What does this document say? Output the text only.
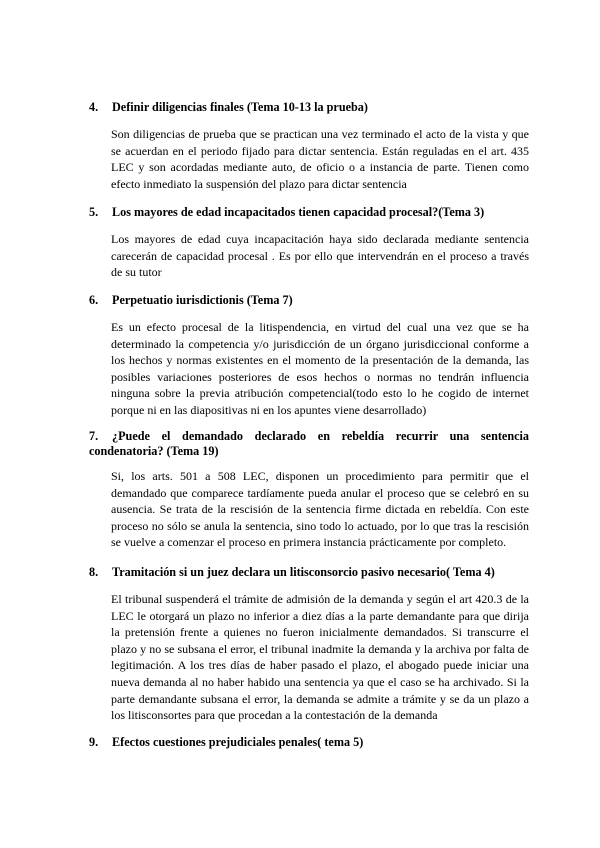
4. Definir diligencias finales (Tema 10-13 la prueba)

Son diligencias de prueba que se practican una vez terminado el acto de la vista y que se acuerdan en el periodo fijado para dictar sentencia. Están reguladas en el art. 435 LEC y son acordadas mediante auto, de oficio o a instancia de parte. Tienen como efecto inmediato la suspensión del plazo para dictar sentencia

5. Los mayores de edad incapacitados tienen capacidad procesal?(Tema 3)

Los mayores de edad cuya incapacitación haya sido declarada mediante sentencia carecerán de capacidad procesal . Es por ello que intervendrán en el proceso a través de su tutor

6. Perpetuatio iurisdictionis (Tema 7)

Es un efecto procesal de la litispendencia, en virtud del cual una vez que se ha determinado la competencia y/o jurisdicción de un órgano jurisdiccional conforme a los hechos y normas existentes en el momento de la presentación de la demanda, las posibles variaciones posteriores de esos hechos o normas no tendrán influencia ninguna sobre la previa atribución competencial(todo esto lo he cogido de internet porque ni en las diapositivas ni en los apuntes viene desarrollado)

7. ¿Puede el demandado declarado en rebeldía recurrir una sentencia condenatoria? (Tema 19)

Si, los arts. 501 a 508 LEC, disponen un procedimiento para permitir que el demandado que comparece tardíamente pueda anular el proceso que se celebró en su ausencia. Se trata de la rescisión de la sentencia firme dictada en rebeldía. Con este proceso no sólo se anula la sentencia, sino todo lo actuado, por lo que tras la rescisión se vuelve a comenzar el proceso en primera instancia prácticamente por completo.

8. Tramitación si un juez declara un litisconsorcio pasivo necesario( Tema 4)

El tribunal suspenderá el trámite de admisión de la demanda y según el art 420.3 de la LEC le otorgará un plazo no inferior a diez días a la parte demandante para que dirija la pretensión frente a quienes no fueron inicialmente demandados. Si transcurre el plazo y no se subsana el error, el tribunal inadmite la demanda y la archiva por falta de legitimación. A los tres días de haber pasado el plazo, el abogado puede iniciar una nueva demanda al no haber habido una sentencia ya que el caso se ha archivado. Si la parte demandante subsana el error, la demanda se admite a trámite y se da un plazo a los litisconsortes para que procedan a la contestación de la demanda

9. Efectos cuestiones prejudiciales penales( tema 5)
